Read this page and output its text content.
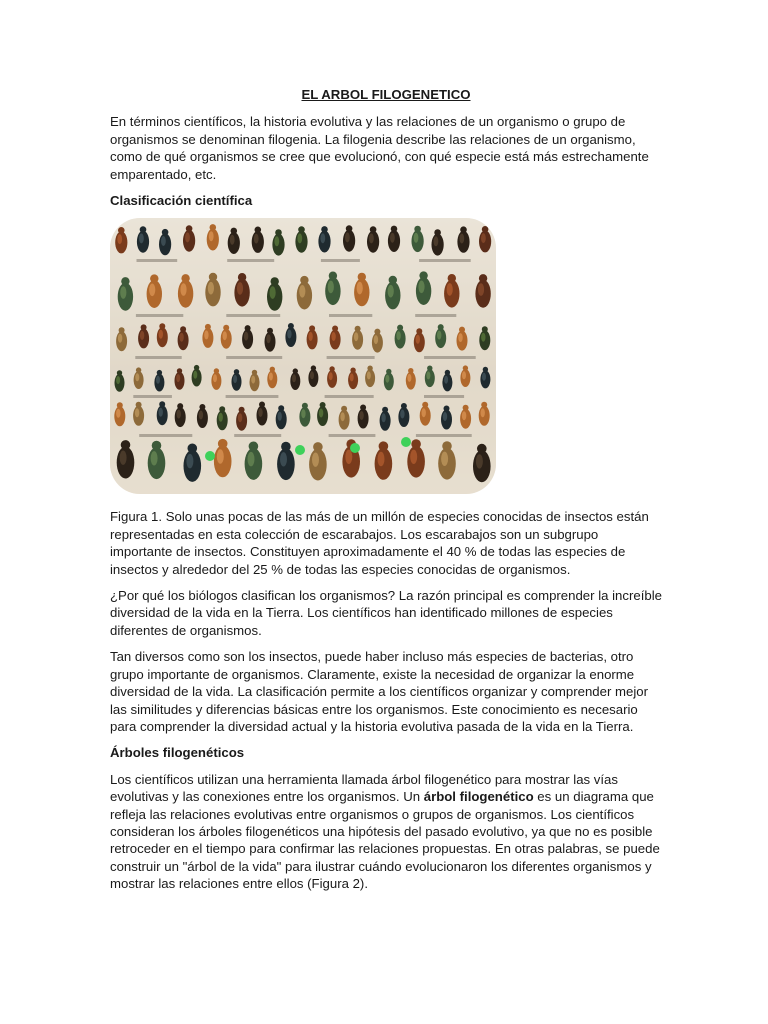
EL ARBOL FILOGENETICO

En términos científicos, la historia evolutiva y las relaciones de un organismo o grupo de organismos se denominan filogenia. La filogenia describe las relaciones de un organismo, como de qué organismos se cree que evolucionó, con qué especie está más estrechamente emparentado, etc.

Clasificación científica

Figura 1. Solo unas pocas de las más de un millón de especies conocidas de insectos están representadas en esta colección de escarabajos. Los escarabajos son un subgrupo importante de insectos. Constituyen aproximadamente el 40 % de todas las especies de insectos y alrededor del 25 % de todas las especies conocidas de organismos.

¿Por qué los biólogos clasifican los organismos? La razón principal es comprender la increíble diversidad de la vida en la Tierra. Los científicos han identificado millones de especies diferentes de organismos.

Tan diversos como son los insectos, puede haber incluso más especies de bacterias, otro grupo importante de organismos. Claramente, existe la necesidad de organizar la enorme diversidad de la vida. La clasificación permite a los científicos organizar y comprender mejor las similitudes y diferencias básicas entre los organismos. Este conocimiento es necesario para comprender la diversidad actual y la historia evolutiva pasada de la vida en la Tierra.

Árboles filogenéticos

Los científicos utilizan una herramienta llamada árbol filogenético para mostrar las vías evolutivas y las conexiones entre los organismos. Un árbol filogenético es un diagrama que refleja las relaciones evolutivas entre organismos o grupos de organismos. Los científicos consideran los árboles filogenéticos una hipótesis del pasado evolutivo, ya que no es posible retroceder en el tiempo para confirmar las relaciones propuestas. En otras palabras, se puede construir un "árbol de la vida" para ilustrar cuándo evolucionaron los diferentes organismos y mostrar las relaciones entre ellos (Figura 2).
